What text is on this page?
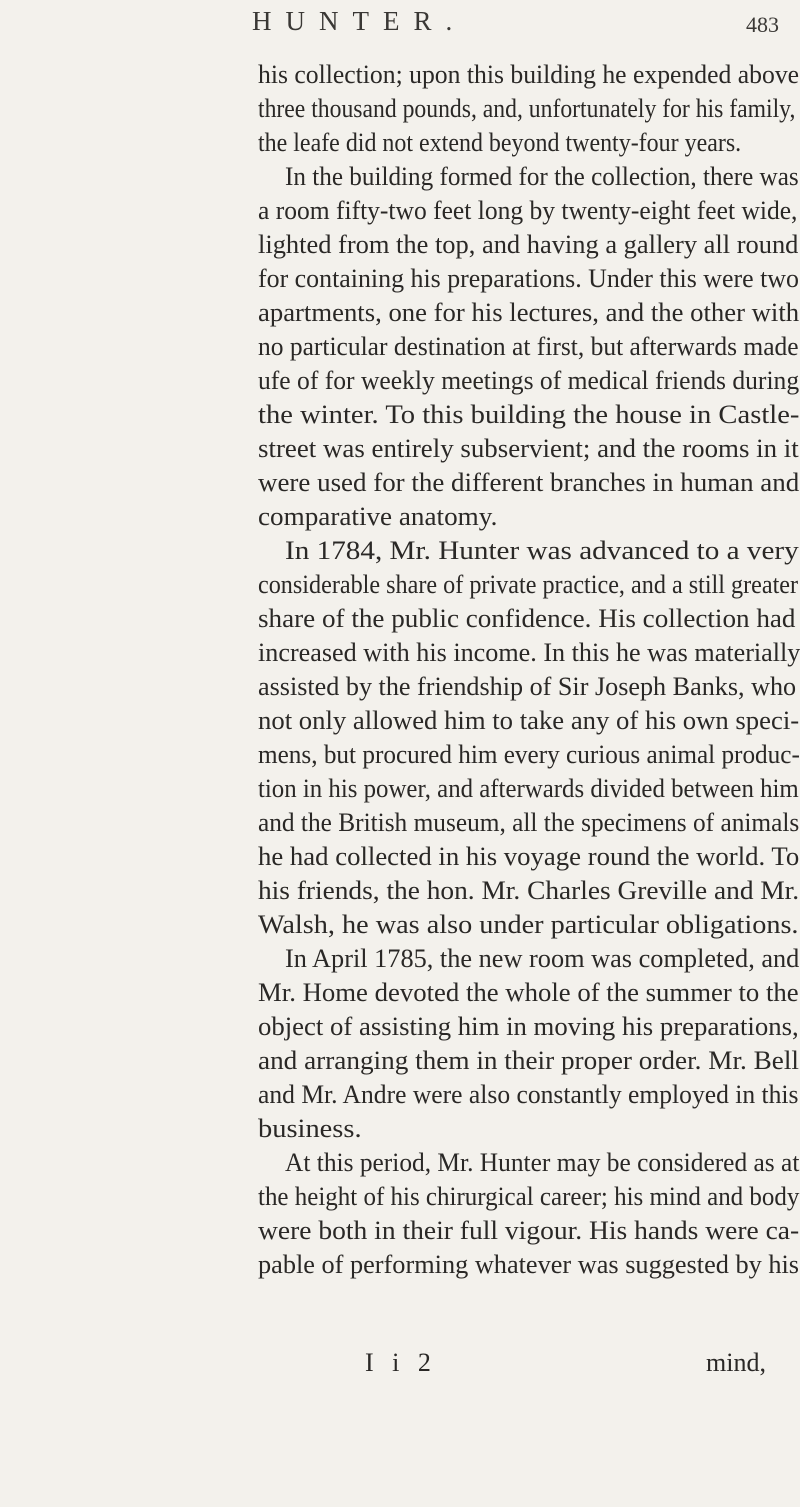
HUNTER.	483
his collection; upon this building he expended above
three thousand pounds, and, unfortunately for his family,
the leafe did not extend beyond twenty-four years.
In the building formed for the collection, there was
a room fifty-two feet long by twenty-eight feet wide,
lighted from the top, and having a gallery all round
for containing his preparations. Under this were two
apartments, one for his lectures, and the other with
no particular destination at first, but afterwards made
ufe of for weekly meetings of medical friends during
the winter. To this building the house in Castle-
street was entirely subservient; and the rooms in it
were used for the different branches in human and
comparative anatomy.
In 1784, Mr. Hunter was advanced to a very
considerable share of private practice, and a still greater
share of the public confidence. His collection had
increased with his income. In this he was materially
assisted by the friendship of Sir Joseph Banks, who
not only allowed him to take any of his own speci-
mens, but procured him every curious animal produc-
tion in his power, and afterwards divided between him
and the British museum, all the specimens of animals
he had collected in his voyage round the world. To
his friends, the hon. Mr. Charles Greville and Mr.
Walsh, he was also under particular obligations.
In April 1785, the new room was completed, and
Mr. Home devoted the whole of the summer to the
object of assisting him in moving his preparations,
and arranging them in their proper order. Mr. Bell
and Mr. Andre were also constantly employed in this
business.
At this period, Mr. Hunter may be considered as at
the height of his chirurgical career; his mind and body
were both in their full vigour. His hands were ca-
pable of performing whatever was suggested by his
I i 2	mind,
